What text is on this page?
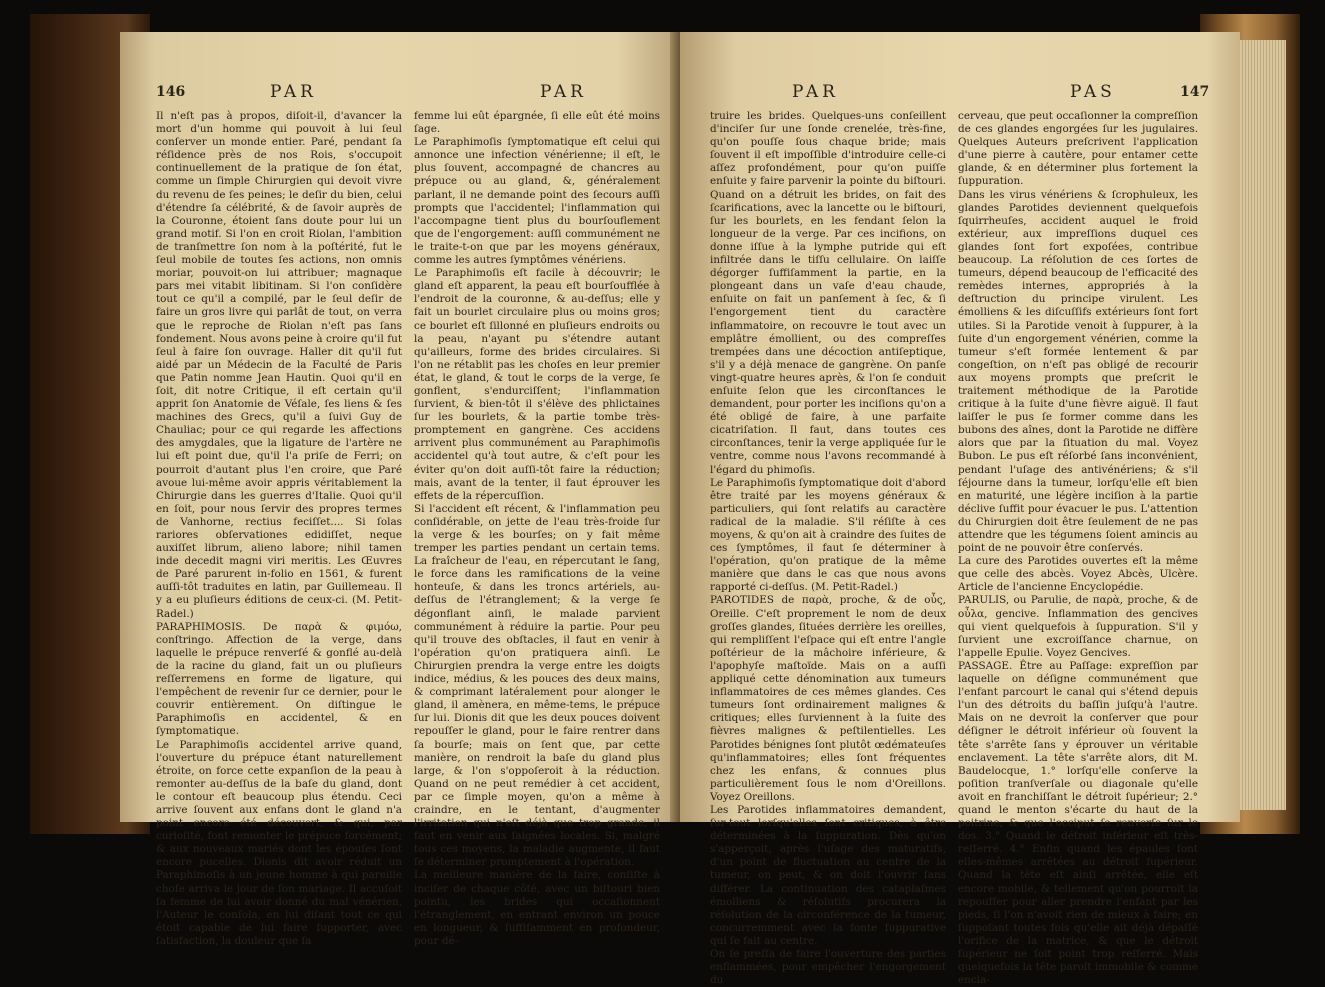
146	PAR	PAR

Il n'eſt pas à propos, diſoit-il, d'avancer la mort d'un homme qui pouvoit à lui ſeul conſerver un monde entier. Paré, pendant ſa réſidence près de nos Rois, s'occupoit continuellement de la pratique de ſon état, comme un ſimple Chirurgien qui devoit vivre du revenu de ſes peines; le deſir du bien, celui d'étendre ſa célébrité, & de ſavoir auprès de la Couronne, étoient ſans doute pour lui un grand motif. Si l'on en croit Riolan, l'ambition de tranſmettre ſon nom à la poſtérité, fut le ſeul mobile de toutes ſes actions, non omnis moriar, pouvoit-on lui attribuer; magnaque pars mei vitabit libitinam. Si l'on conſidère tout ce qu'il a compilé, par le ſeul deſir de faire un gros livre qui parlât de tout, on verra que le reproche de Riolan n'eſt pas ſans fondement. Nous avons peine à croire qu'il fut ſeul à faire ſon ouvrage. Haller dit qu'il fut aidé par un Médecin de la Faculté de Paris que Patin nomme Jean Hautin. Quoi qu'il en ſoit, dit notre Critique, il eſt certain qu'il apprit ſon Anatomie de Véſale, ſes liens & ſes machines des Grecs, qu'il a ſuivi Guy de Chauliac; pour ce qui regarde les affections des amygdales, que la ligature de l'artère ne lui eſt point due, qu'il l'a priſe de Ferri; on pourroit d'autant plus l'en croire, que Paré avoue lui-même avoir appris véritablement la Chirurgie dans les guerres d'Italie. Quoi qu'il en ſoit, pour nous ſervir des propres termes de Vanhorne, rectius feciſſet.... Si ſolas rariores obſervationes edidiſſet, neque auxiſſet librum, alieno labore; nihil tamen inde decedit magni viri meritis. Les Œuvres de Paré parurent in-folio en 1561, & furent auſſi-tôt traduites en latin, par Guillemeau. Il y a eu pluſieurs éditions de ceux-ci. (M. Petit-Radel.)

PARAPHIMOSIS. De παρὰ & φιμόω, conſtringo. Affection de la verge, dans laquelle le prépuce renverſé & gonflé au-delà de la racine du gland, fait un ou pluſieurs reſſerremens en forme de ligature, qui l'empêchent de revenir ſur ce dernier, pour le couvrir entièrement. On diſtingue le Paraphimoſis en accidentel, & en ſymptomatique.

Le Paraphimoſis accidentel arrive quand, l'ouverture du prépuce étant naturellement étroite, on force cette expanſion de la peau à remonter au-deſſus de la baſe du gland, dont le contour eſt beaucoup plus étendu. Ceci arrive ſouvent aux enfans dont le gland n'a point encore été découvert, & qui, par curioſité, font remonter le prépuce forcément; & aux nouveaux mariés dont les épouſes ſont encore pucelles. Dionis dit avoir réduit un Paraphimoſis à un jeune homme à qui pareille choſe arriva le jour de ſon mariage. Il accuſoit ſa femme de lui avoir donné du mal vénérien, l'Auteur le conſola, en lui diſant tout ce qui étoit capable de lui faire ſupporter, avec ſatisfaction, la douleur que ſa

femme lui eût épargnée, ſi elle eût été moins ſage.

Le Paraphimoſis ſymptomatique eſt celui qui annonce une infection vénérienne; il eſt, le plus ſouvent, accompagné de chancres au prépuce ou au gland, &, généralement parlant, il ne demande point des ſecours auſſi prompts que l'accidentel; l'inflammation qui l'accompagne tient plus du bourſouflement que de l'engorgement: auſſi communément ne le traite-t-on que par les moyens généraux, comme les autres ſymptômes vénériens.

Le Paraphimoſis eſt facile à découvrir; le gland eſt apparent, la peau eſt bourſoufflée à l'endroit de la couronne, & au-deſſus; elle y fait un bourlet circulaire plus ou moins gros; ce bourlet eſt ſillonné en pluſieurs endroits ou la peau, n'ayant pu s'étendre autant qu'ailleurs, forme des brides circulaires. Si l'on ne rétablit pas les choſes en leur premier état, le gland, & tout le corps de la verge, ſe gonflent, s'endurciſſent; l'inflammation ſurvient, & bien-tôt il s'élève des phlictaines ſur les bourlets, & la partie tombe très-promptement en gangrène. Ces accidens arrivent plus communément au Paraphimoſis accidentel qu'à tout autre, & c'eſt pour les éviter qu'on doit auſſi-tôt faire la réduction; mais, avant de la tenter, il faut éprouver les effets de la répercuſſion.

Si l'accident eſt récent, & l'inflammation peu conſidérable, on jette de l'eau très-froide ſur la verge & les bourſes; on y fait même tremper les parties pendant un certain tems. La fraîcheur de l'eau, en répercutant le ſang, le force dans les ramifications de la veine honteuſe, & dans les troncs artériels, au-deſſus de l'étranglement; & la verge ſe dégonflant ainſi, le malade parvient communément à réduire la partie. Pour peu qu'il trouve des obſtacles, il faut en venir à l'opération qu'on pratiquera ainſi. Le Chirurgien prendra la verge entre les doigts indice, médius, & les pouces des deux mains, & comprimant latéralement pour alonger le gland, il amènera, en même-tems, le prépuce ſur lui. Dionis dit que les deux pouces doivent repouſſer le gland, pour le faire rentrer dans ſa bourſe; mais on ſent que, par cette manière, on rendroit la baſe du gland plus large, & l'on s'oppoſeroit à la réduction. Quand on ne peut remédier à cet accident, par ce ſimple moyen, qu'on a même à craindre, en le tentant, d'augmenter l'irritation qui n'eſt déjà que trop grande, il faut en venir aux ſaignées locales. Si, malgré tous ces moyens, la maladie augmente, il faut ſe déterminer promptement à l'opération.

La meilleure manière de la faire, conſiſte à inciſer de chaque côté, avec un biſtouri bien pointu, les brides qui occaſionnent l'étranglement, en entrant environ un pouce en longueur, & ſuffiſamment en profondeur, pour dé-

PAR	PAS	147

truire les brides. Quelques-uns conſeillent d'inciſer ſur une ſonde crenelée, très-fine, qu'on pouſſe ſous chaque bride; mais ſouvent il eſt impoſſible d'introduire celle-ci aſſez profondément, pour qu'on puiſſe enſuite y faire parvenir la pointe du biſtouri. Quand on a détruit les brides, on fait des ſcarifications, avec la lancette ou le biſtouri, ſur les bourlets, en les fendant ſelon la longueur de la verge. Par ces incifions, on donne iſſue à la lymphe putride qui eſt infiltrée dans le tiſſu cellulaire. On laiſſe dégorger ſuffiſamment la partie, en la plongeant dans un vaſe d'eau chaude, enſuite on fait un panſement à ſec, & ſi l'engorgement tient du caractère inflammatoire, on recouvre le tout avec un emplâtre émollient, ou des compreſſes trempées dans une décoction antiſeptique, s'il y a déjà menace de gangrène. On panſe vingt-quatre heures après, & l'on ſe conduit enſuite ſelon que les circonſtances le demandent, pour porter les inciſions qu'on a été obligé de faire, à une parfaite cicatriſation. Il faut, dans toutes ces circonſtances, tenir la verge appliquée ſur le ventre, comme nous l'avons recommandé à l'égard du phimoſis.

Le Paraphimoſis ſymptomatique doit d'abord être traité par les moyens généraux & particuliers, qui ſont relatifs au caractère radical de la maladie. S'il réſiſte à ces moyens, & qu'on ait à craindre des ſuites de ces ſymptômes, il faut ſe déterminer à l'opération, qu'on pratique de la même manière que dans le cas que nous avons rapporté ci-deſſus. (M. Petit-Radel.)

PAROTIDES de παρὰ, proche, & de οὖς, Oreille. C'eſt proprement le nom de deux groſſes glandes, ſituées derrière les oreilles, qui rempliſſent l'eſpace qui eſt entre l'angle poſtérieur de la mâchoire inférieure, & l'apophyſe maſtoïde. Mais on a auſſi appliqué cette dénomination aux tumeurs inflammatoires de ces mêmes glandes. Ces tumeurs ſont ordinairement malignes & critiques; elles ſurviennent à la ſuite des fièvres malignes & peſtilentielles. Les Parotides bénignes ſont plutôt œdémateuſes qu'inflammatoires; elles ſont fréquentes chez les enfans, & connues plus particulièrement ſous le nom d'Oreillons. Voyez Oreillons.

Les Parotides inflammatoires demandent, ſur-tout lorſqu'elles ſont critiques, à être déterminées à la ſuppuration. Dès qu'on s'apperçoit, après l'uſage des maturatifs, d'un point de fluctuation au centre de la tumeur, on peut, & on doit l'ouvrir ſans différer. La continuation des cataplaſmes émolliens & réſolutifs procurera la réſolution de la circonférence de la tumeur, concurremment avec la fonte ſuppurative qui ſe fait au centre.

On ſe preſſa de faire l'ouverture des parties enflammées, pour empêcher l'engorgement du

cerveau, que peut occaſionner la compreſſion de ces glandes engorgées ſur les jugulaires. Quelques Auteurs preſcrivent l'application d'une pierre à cautère, pour entamer cette glande, & en déterminer plus fortement la ſuppuration.

Dans les virus vénériens & ſcrophuleux, les glandes Parotides deviennent quelquefois ſquirrheuſes, accident auquel le froid extérieur, aux impreſſions duquel ces glandes ſont fort expoſées, contribue beaucoup. La réſolution de ces ſortes de tumeurs, dépend beaucoup de l'efficacité des remèdes internes, appropriés à la deſtruction du principe virulent. Les émolliens & les diſcuſſifs extérieurs ſont fort utiles. Si la Parotide venoit à ſuppurer, à la ſuite d'un engorgement vénérien, comme la tumeur s'eſt formée lentement & par congeſtion, on n'eſt pas obligé de recourir aux moyens prompts que preſcrit le traitement méthodique de la Parotide critique à la ſuite d'une fièvre aiguë. Il faut laiſſer le pus ſe former comme dans les bubons des aînes, dont la Parotide ne diffère alors que par la ſituation du mal. Voyez Bubon. Le pus eſt réſorbé ſans inconvénient, pendant l'uſage des antivénériens; & s'il ſéjourne dans la tumeur, lorſqu'elle eſt bien en maturité, une légère inciſion à la partie déclive ſuffit pour évacuer le pus. L'attention du Chirurgien doit être ſeulement de ne pas attendre que les tégumens ſoient amincis au point de ne pouvoir être conſervés.

La cure des Parotides ouvertes eſt la même que celle des abcès. Voyez Abcès, Ulcère. Article de l'ancienne Encyclopédie.

PARULIS, ou Parulie, de παρὰ, proche, & de οὖλα, gencive. Inflammation des gencives qui vient quelquefois à ſuppuration. S'il y ſurvient une excroiſſance charnue, on l'appelle Epulie. Voyez Gencives.

PASSAGE. Être au Paſſage: expreſſion par laquelle on déſigne communément que l'enfant parcourt le canal qui s'étend depuis l'un des détroits du baſſin juſqu'à l'autre. Mais on ne devroit la conſerver que pour déſigner le détroit inférieur où ſouvent la tête s'arrête ſans y éprouver un véritable enclavement. La tête s'arrête alors, dit M. Baudelocque, 1.° lorſqu'elle conſerve la poſition tranſverſale ou diagonale qu'elle avoit en franchiſſant le détroit ſupérieur; 2.° quand le menton s'écarte du haut de la poitrine, & que l'occiput ſe renverſe ſur le dos. 3.° Quand le détroit inférieur eſt très-reſſerré. 4.° Enfin quand les épaules ſont elles-mêmes arrêtées au détroit ſupérieur. Quand la tête eſt ainſi arrêtée, elle eſt encore mobile, & tellement qu'on pourroit la repouſſer pour aller prendre l'enfant par les pieds, ſi l'on n'avoit rien de mieux à faire; en ſuppoſant toutes fois qu'elle ait déjà dépaſſé l'orifice de la matrice, & que le détroit ſupérieur ne ſoit point trop reſſerré. Mais quelquefois la tête paroît immobile & comme encla-
